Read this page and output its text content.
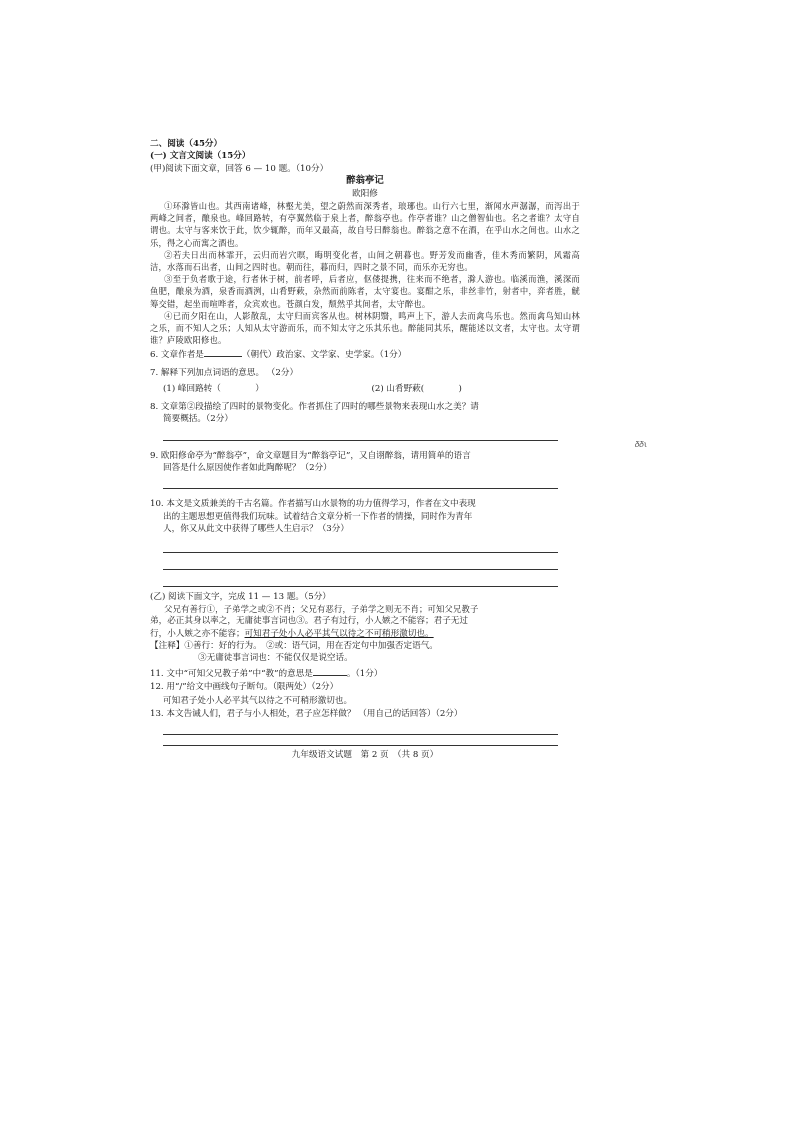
二、阅读（45分）
(一) 文言文阅读（15分）
(甲)阅读下面文章，回答 6 — 10 题。（10分）
醉翁亭记
欧阳修
①环滁皆山也。其西南诸峰，林壑尤美，望之蔚然而深秀者，琅琊也。山行六七里，渐闻水声潺潺，而泻出于两峰之间者，酿泉也。峰回路转，有亭翼然临于泉上者，醉翁亭也。作亭者谁？山之僧智仙也。名之者谁？太守自谓也。太守与客来饮于此，饮少辄醉，而年又最高，故自号曰醉翁也。醉翁之意不在酒，在乎山水之间也。山水之乐，得之心而寓之酒也。
②若夫日出而林霏开，云归而岩穴暝，晦明变化者，山间之朝暮也。野芳发而幽香，佳木秀而繁阴，风霜高洁，水落而石出者，山间之四时也。朝而往，暮而归，四时之景不同，而乐亦无穷也。
③至于负者歌于途，行者休于树，前者呼，后者应，伛偻提携，往来而不绝者，滁人游也。临溪而渔，溪深而鱼肥，酿泉为酒，泉香而酒洌，山肴野蔌，杂然而前陈者，太守宴也。宴酣之乐，非丝非竹，射者中，弈者胜，觥筹交错，起坐而喧哗者，众宾欢也。苍颜白发，颓然乎其间者，太守醉也。
④已而夕阳在山，人影散乱，太守归而宾客从也。树林阴翳，鸣声上下，游人去而禽鸟乐也。然而禽鸟知山林之乐，而不知人之乐；人知从太守游而乐，而不知太守之乐其乐也。醉能同其乐，醒能述以文者，太守也。太守谓谁？庐陵欧阳修也。
6. 文章作者是	（朝代）政治家、文学家、史学家。（1分）
7. 解释下列加点词语的意思。 （2分）
(1) 峰回路转（　　　　）	(2) 山肴野蔌(　　　　)
8. 文章第②段描绘了四时的景物变化。作者抓住了四时的哪些景物来表现山水之美？请
简要概括。（2分）
9. 欧阳修命亭为“醉翁亭”，命文章题目为“醉翁亭记”，又自诩醉翁，请用简单的语言
回答是什么原因使作者如此陶醉呢？（2分）
10. 本文是文质兼美的千古名篇。作者描写山水景物的功力值得学习，作者在文中表现
出的主题思想更值得我们玩味。试着结合文章分析一下作者的情操，同时作为青年
人，你又从此文中获得了哪些人生启示？（3分）
(乙) 阅读下面文字，完成 11 — 13 题。（5分）
父兄有善行①，子弟学之或②不肖；父兄有恶行，子弟学之则无不肖；可知父兄教子
弟，必正其身以率之，无庸徒事言词也③。君子有过行，小人嫉之不能容；君子无过
行，小人嫉之亦不能容；可知君子处小人必平其气以待之不可稍形激切也。
【注释】①善行：好的行为。　②或：语气词，用在否定句中加强否定语气。
③无庸徒事言词也：不能仅仅是说空话。
11. 文中“可知父兄教子弟”中“教”的意思是	。（1分）
12. 用“/”给文中画线句子断句。（限两处）（2分）
可知君子处小人必平其气以待之不可稍形激切也。
13. 本文告诫人们，君子与小人相处，君子应怎样做？ （用自己的话回答）（2分）
九年级语文试题　第 2 页　（共 8 页）
𝛿𝛿ι
